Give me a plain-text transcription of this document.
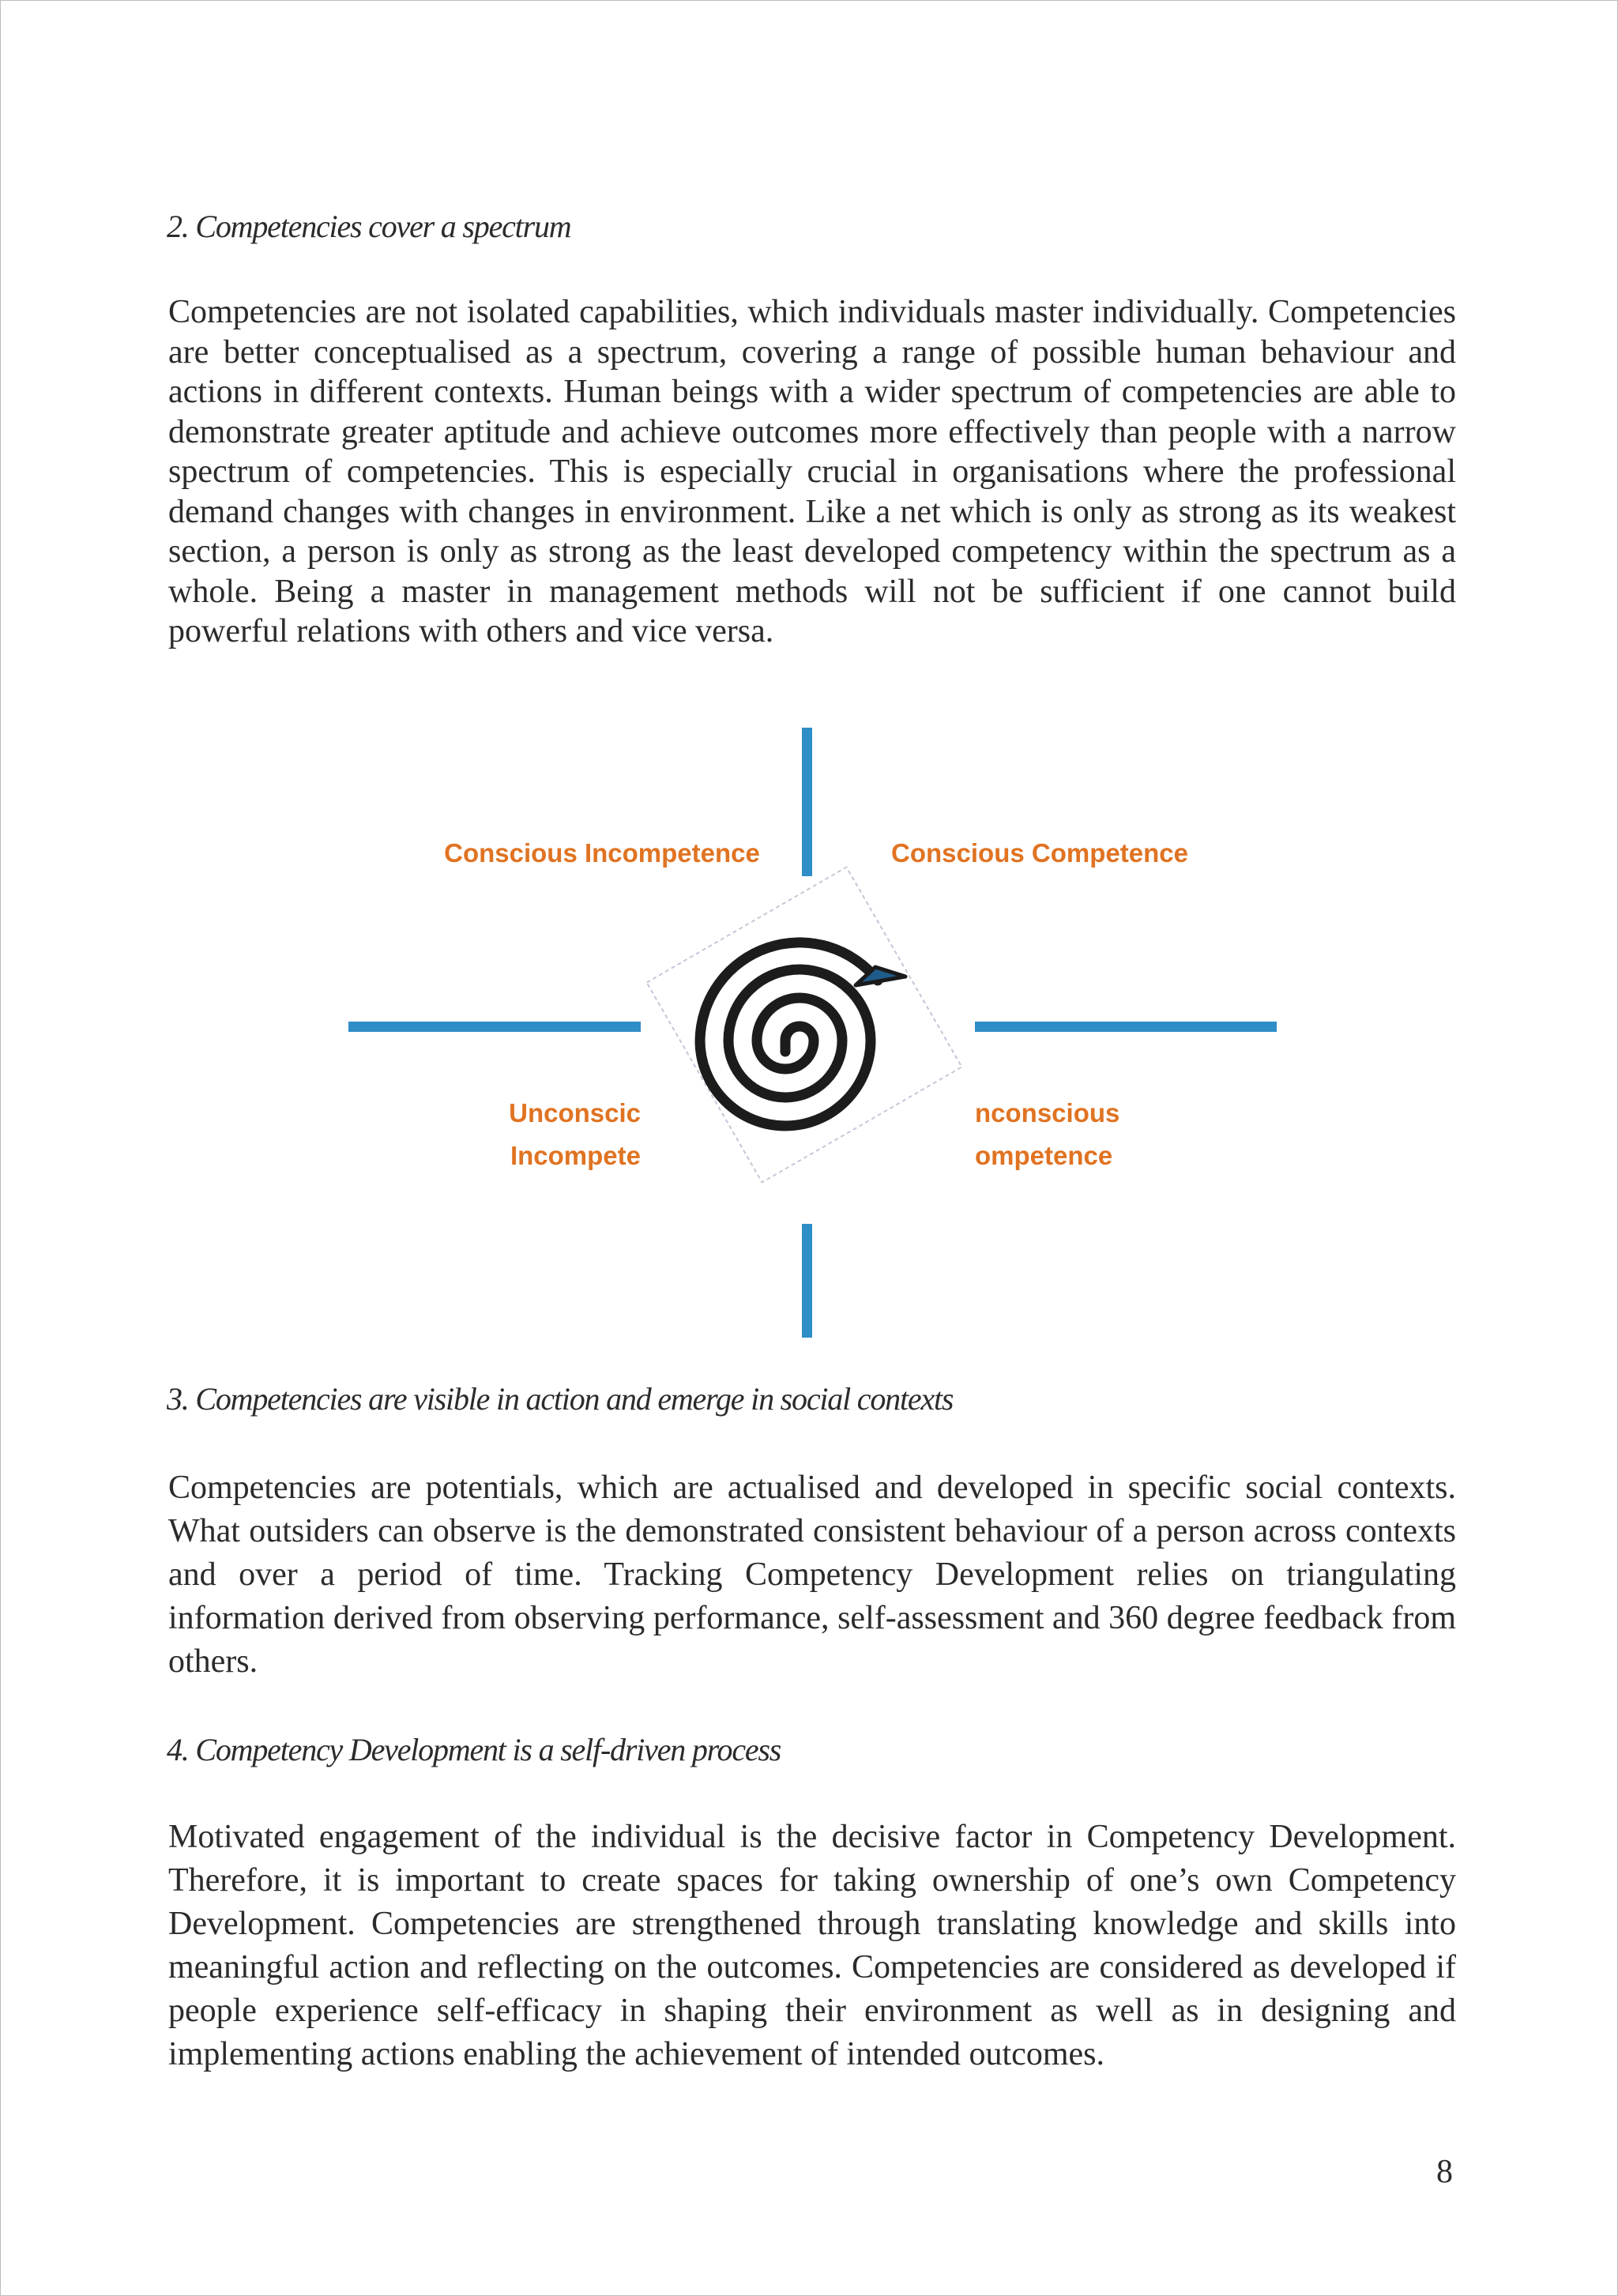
2. Competencies cover a spectrum

Competencies are not isolated capabilities, which individuals master individually. Competencies are better conceptualised as a spectrum, covering a range of possible human behaviour and actions in different contexts. Human beings with a wider spectrum of competencies are able to demonstrate greater aptitude and achieve outcomes more effectively than people with a narrow spectrum of competencies. This is especially crucial in organisations where the professional demand changes with changes in environment. Like a net which is only as strong as its weakest section, a person is only as strong as the least developed competency within the spectrum as a whole. Being a master in management methods will not be sufficient if one cannot build powerful relations with others and vice versa.

Conscious Incompetence	Conscious Competence
Unconscic
Incompete
nconscious
ompetence

3. Competencies are visible in action and emerge in social contexts

Competencies are potentials, which are actualised and developed in specific social contexts. What outsiders can observe is the demonstrated consistent behaviour of a person across contexts and over a period of time. Tracking Competency Development relies on triangulating information derived from observing performance, self-assessment and 360 degree feedback from others.

4. Competency Development is a self-driven process

Motivated engagement of the individual is the decisive factor in Competency Development. Therefore, it is important to create spaces for taking ownership of one’s own Competency Development. Competencies are strengthened through translating knowledge and skills into meaningful action and reflecting on the outcomes. Competencies are considered as developed if people experience self-efficacy in shaping their environment as well as in designing and implementing actions enabling the achievement of intended outcomes.

8
